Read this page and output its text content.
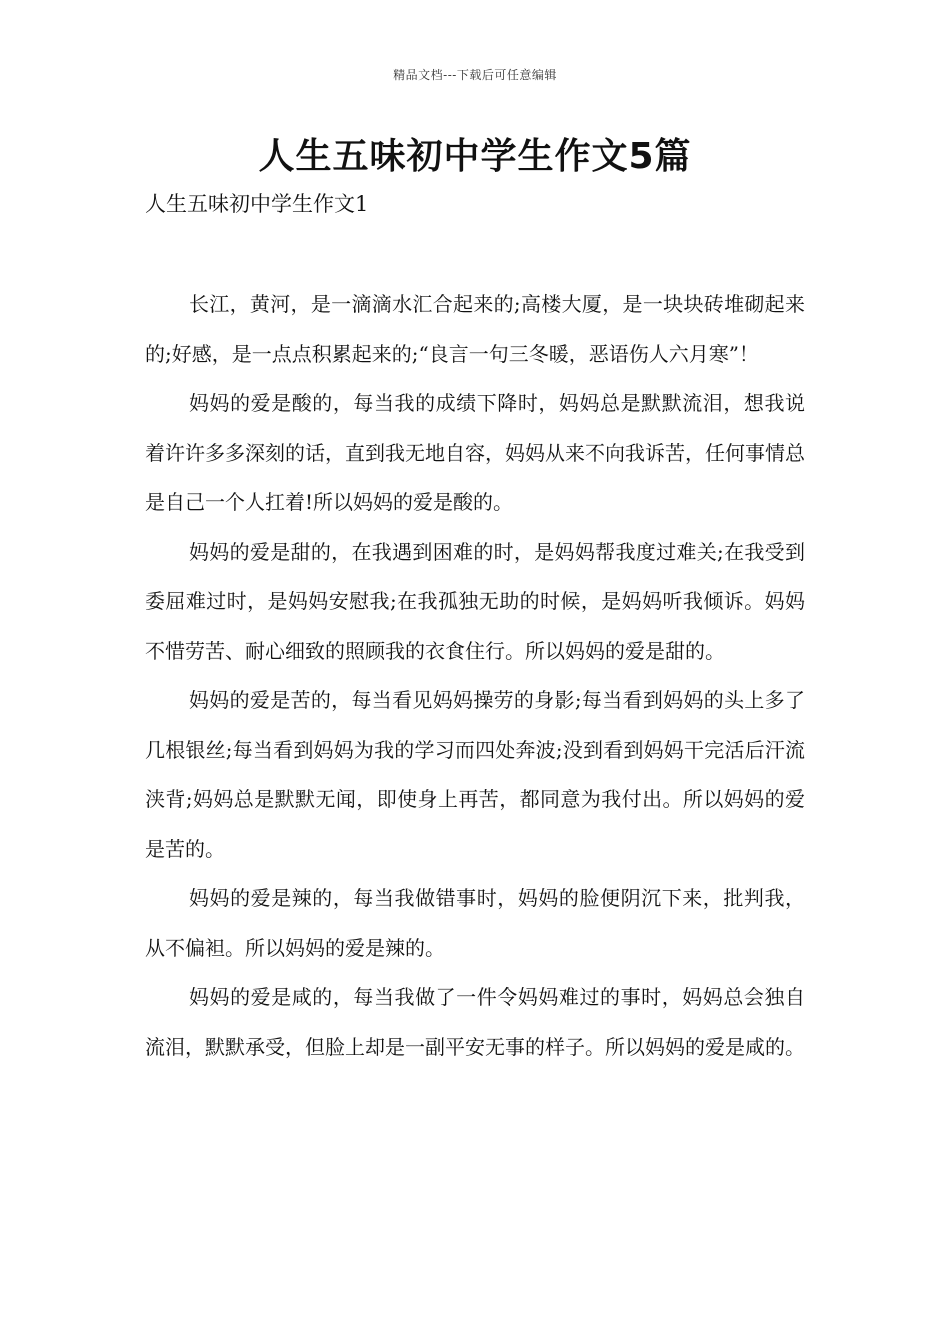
精品文档---下载后可任意编辑
人生五味初中学生作文5篇
人生五味初中学生作文1

长江，黄河，是一滴滴水汇合起来的;高楼大厦，是一块块砖堆砌起来的;好感，是一点点积累起来的;“良言一句三冬暖，恶语伤人六月寒”！

妈妈的爱是酸的，每当我的成绩下降时，妈妈总是默默流泪，想我说着许许多多深刻的话，直到我无地自容，妈妈从来不向我诉苦，任何事情总是自己一个人扛着!所以妈妈的爱是酸的。

妈妈的爱是甜的，在我遇到困难的时，是妈妈帮我度过难关;在我受到委屈难过时，是妈妈安慰我;在我孤独无助的时候，是妈妈听我倾诉。妈妈不惜劳苦、耐心细致的照顾我的衣食住行。所以妈妈的爱是甜的。

妈妈的爱是苦的，每当看见妈妈操劳的身影;每当看到妈妈的头上多了几根银丝;每当看到妈妈为我的学习而四处奔波;没到看到妈妈干完活后汗流浃背;妈妈总是默默无闻，即使身上再苦，都同意为我付出。所以妈妈的爱是苦的。

妈妈的爱是辣的，每当我做错事时，妈妈的脸便阴沉下来，批判我，从不偏袒。所以妈妈的爱是辣的。

妈妈的爱是咸的，每当我做了一件令妈妈难过的事时，妈妈总会独自流泪，默默承受，但脸上却是一副平安无事的样子。所以妈妈的爱是咸的。
